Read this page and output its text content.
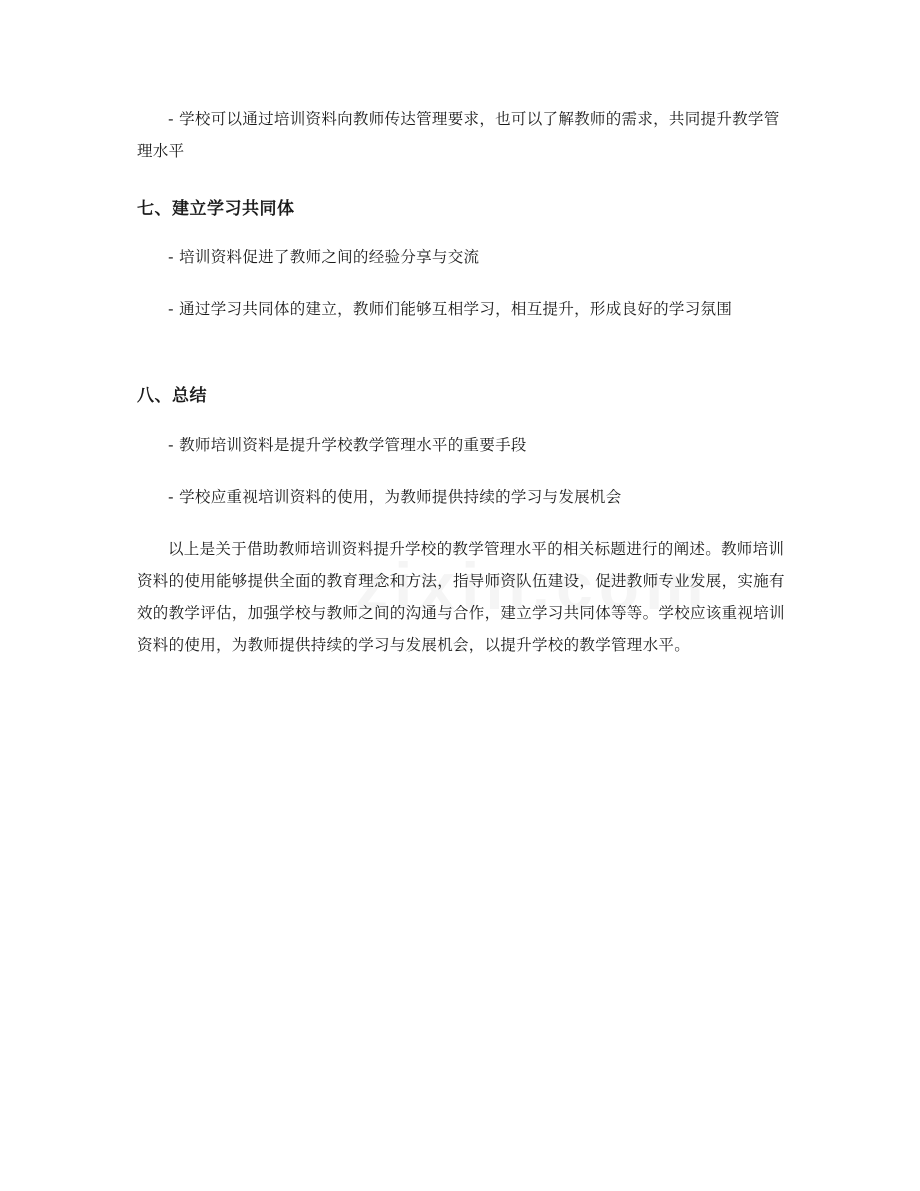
- 学校可以通过培训资料向教师传达管理要求，也可以了解教师的需求，共同提升教学管理水平

七、建立学习共同体

- 培训资料促进了教师之间的经验分享与交流

- 通过学习共同体的建立，教师们能够互相学习，相互提升，形成良好的学习氛围

八、总结

- 教师培训资料是提升学校教学管理水平的重要手段

- 学校应重视培训资料的使用，为教师提供持续的学习与发展机会

以上是关于借助教师培训资料提升学校的教学管理水平的相关标题进行的阐述。教师培训资料的使用能够提供全面的教育理念和方法，指导师资队伍建设，促进教师专业发展，实施有效的教学评估，加强学校与教师之间的沟通与合作，建立学习共同体等等。学校应该重视培训资料的使用，为教师提供持续的学习与发展机会，以提升学校的教学管理水平。
